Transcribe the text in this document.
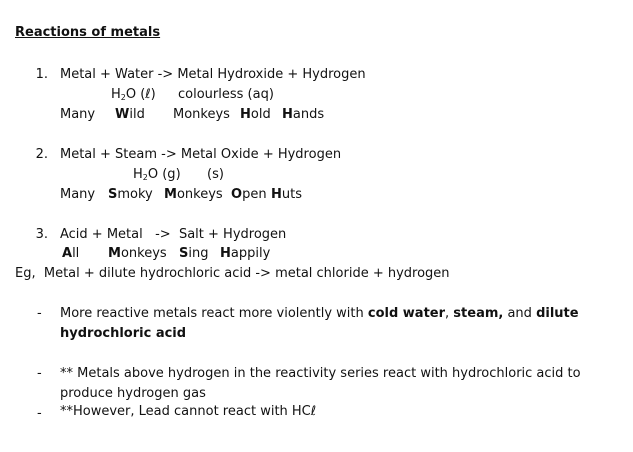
Reactions of metals
1. Metal + Water -> Metal Hydroxide + Hydrogen
$H_2O$ (ℓ) colourless (aq)
Many Wild Monkeys Hold Hands
2. Metal + Steam -> Metal Oxide + Hydrogen
$H_2O$ (g) (s)
Many Smoky Monkeys Open Huts
3. Acid + Metal   ->  Salt + Hydrogen
All Monkeys Sing Happily
Eg,  Metal + dilute hydrochloric acid -> metal chloride + hydrogen
- More reactive metals react more violently with cold water, steam, and dilute hydrochloric acid
- ** Metals above hydrogen in the reactivity series react with hydrochloric acid to produce hydrogen gas
- **However, Lead cannot react with HCℓ
